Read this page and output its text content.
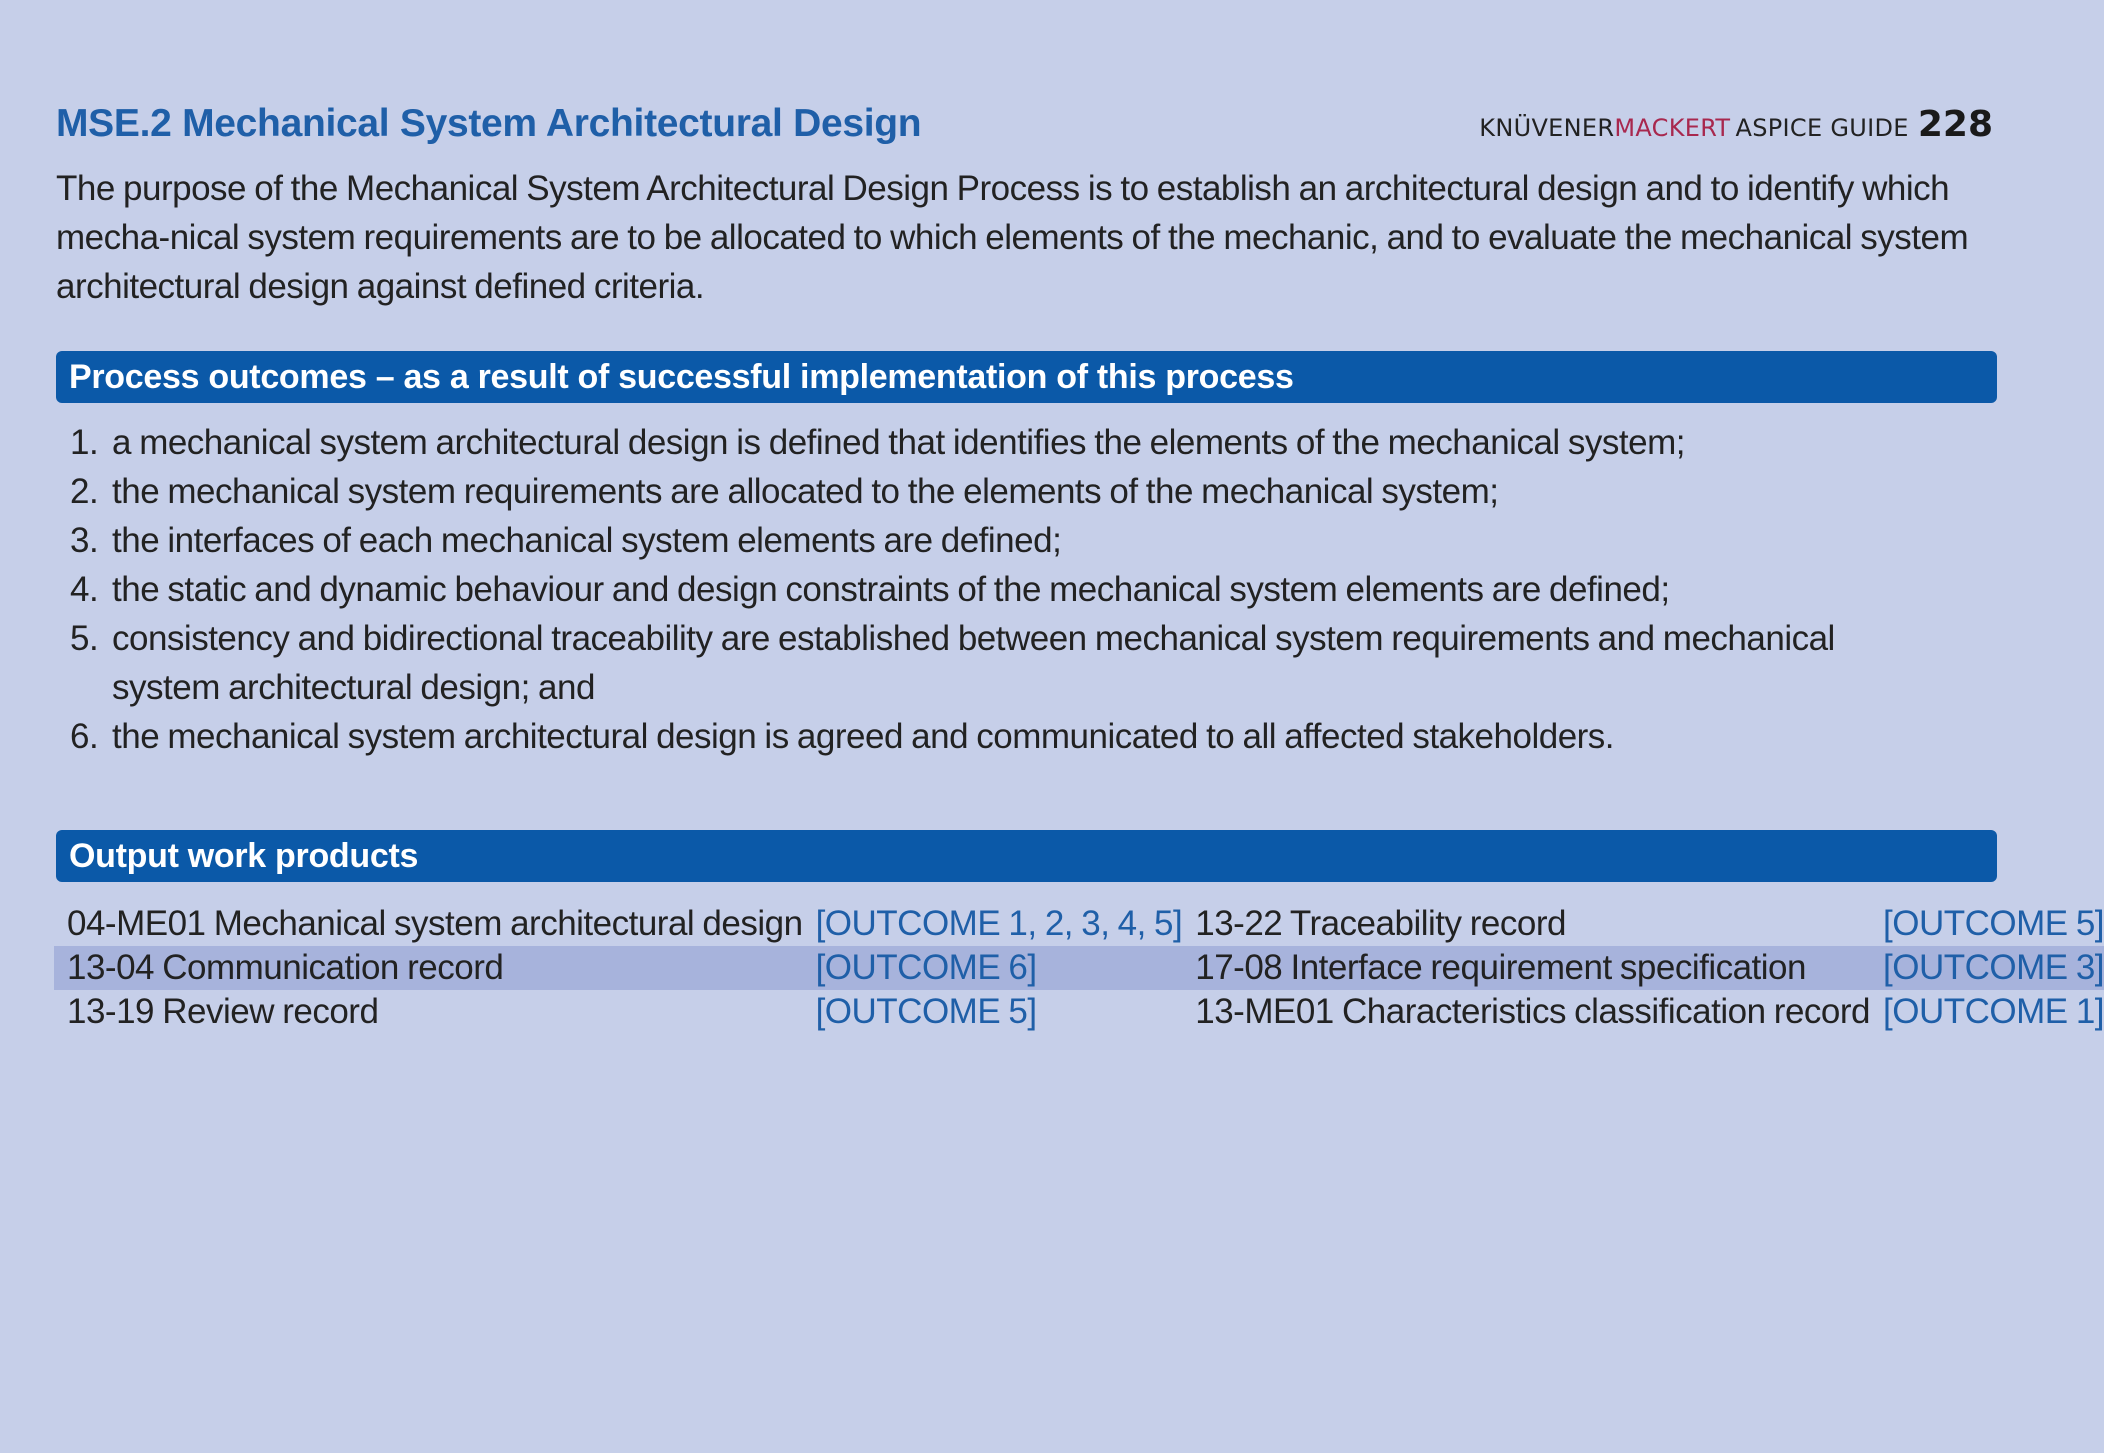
MSE.2 Mechanical System Architectural Design	KNÜVENERMACKERT ASPICE GUIDE 228
The purpose of the Mechanical System Architectural Design Process is to establish an architectural design and to identify which mecha-nical system requirements are to be allocated to which elements of the mechanic, and to evaluate the mechanical system architectural design against defined criteria.
Process outcomes – as a result of successful implementation of this process
1. a mechanical system architectural design is defined that identifies the elements of the mechanical system;
2. the mechanical system requirements are allocated to the elements of the mechanical system;
3. the interfaces of each mechanical system elements are defined;
4. the static and dynamic behaviour and design constraints of the mechanical system elements are defined;
5. consistency and bidirectional traceability are established between mechanical system requirements and mechanical system architectural design; and
6. the mechanical system architectural design is agreed and communicated to all affected stakeholders.
Output work products
04-ME01 Mechanical system architectural design	[OUTCOME 1, 2, 3, 4, 5]	13-22 Traceability record	[OUTCOME 5]
13-04 Communication record	[OUTCOME 6]	17-08 Interface requirement specification	[OUTCOME 3]
13-19 Review record	[OUTCOME 5]	13-ME01 Characteristics classification record	[OUTCOME 1]
